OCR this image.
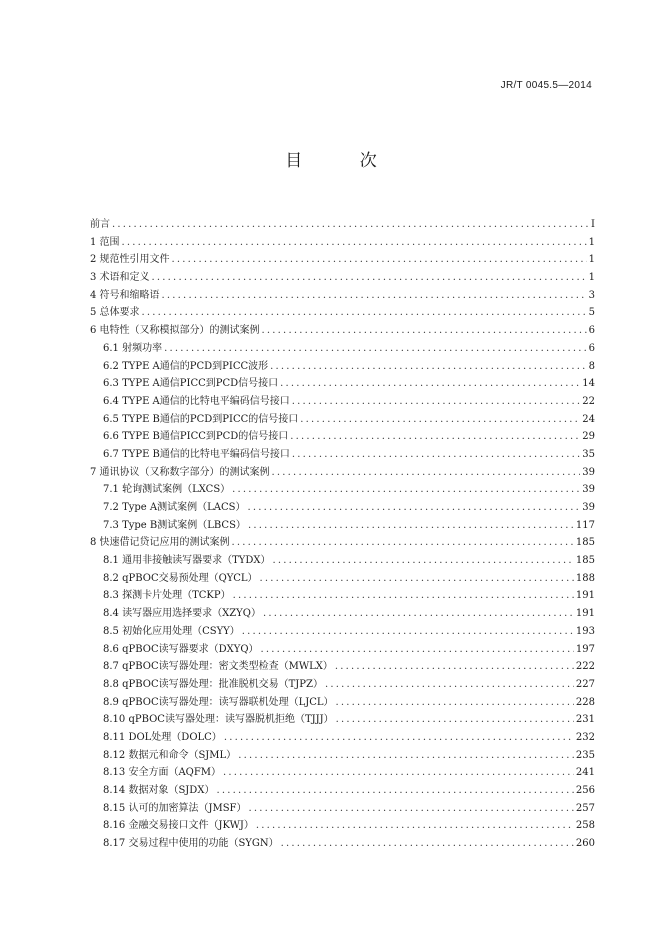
JR/T 0045.5—2014
目 次
前言 .....	I
1 范围 .....	1
2 规范性引用文件 .....	1
3 术语和定义 .....	1
4 符号和缩略语 .....	3
5 总体要求 .....	5
6 电特性（又称模拟部分）的测试案例 .....	6
6.1 射频功率 .....	6
6.2 TYPE A通信的PCD到PICC波形 .....	8
6.3 TYPE A通信PICC到PCD信号接口 .....	14
6.4 TYPE A通信的比特电平编码信号接口 .....	22
6.5 TYPE B通信的PCD到PICC的信号接口 .....	24
6.6 TYPE B通信PICC到PCD的信号接口 .....	29
6.7 TYPE B通信的比特电平编码信号接口 .....	35
7 通讯协议（又称数字部分）的测试案例 .....	39
7.1 轮询测试案例（LXCS） .....	39
7.2 Type A测试案例（LACS） .....	39
7.3 Type B测试案例（LBCS） .....	117
8 快速借记贷记应用的测试案例 .....	185
8.1 通用非接触读写器要求（TYDX） .....	185
8.2 qPBOC交易预处理（QYCL） .....	188
8.3 探测卡片处理（TCKP） .....	191
8.4 读写器应用选择要求（XZYQ） .....	191
8.5 初始化应用处理（CSYY） .....	193
8.6 qPBOC读写器要求（DXYQ） .....	197
8.7 qPBOC读写器处理：密文类型检查（MWLX） .....	222
8.8 qPBOC读写器处理：批准脱机交易（TJPZ） .....	227
8.9 qPBOC读写器处理：读写器联机处理（LJCL） .....	228
8.10 qPBOC读写器处理：读写器脱机拒绝（TJJJ） .....	231
8.11 DOL处理（DOLC） .....	232
8.12 数据元和命令（SJML） .....	235
8.13 安全方面（AQFM） .....	241
8.14 数据对象（SJDX） .....	256
8.15 认可的加密算法（JMSF） .....	257
8.16 金融交易接口文件（JKWJ） .....	258
8.17 交易过程中使用的功能（SYGN） .....	260
